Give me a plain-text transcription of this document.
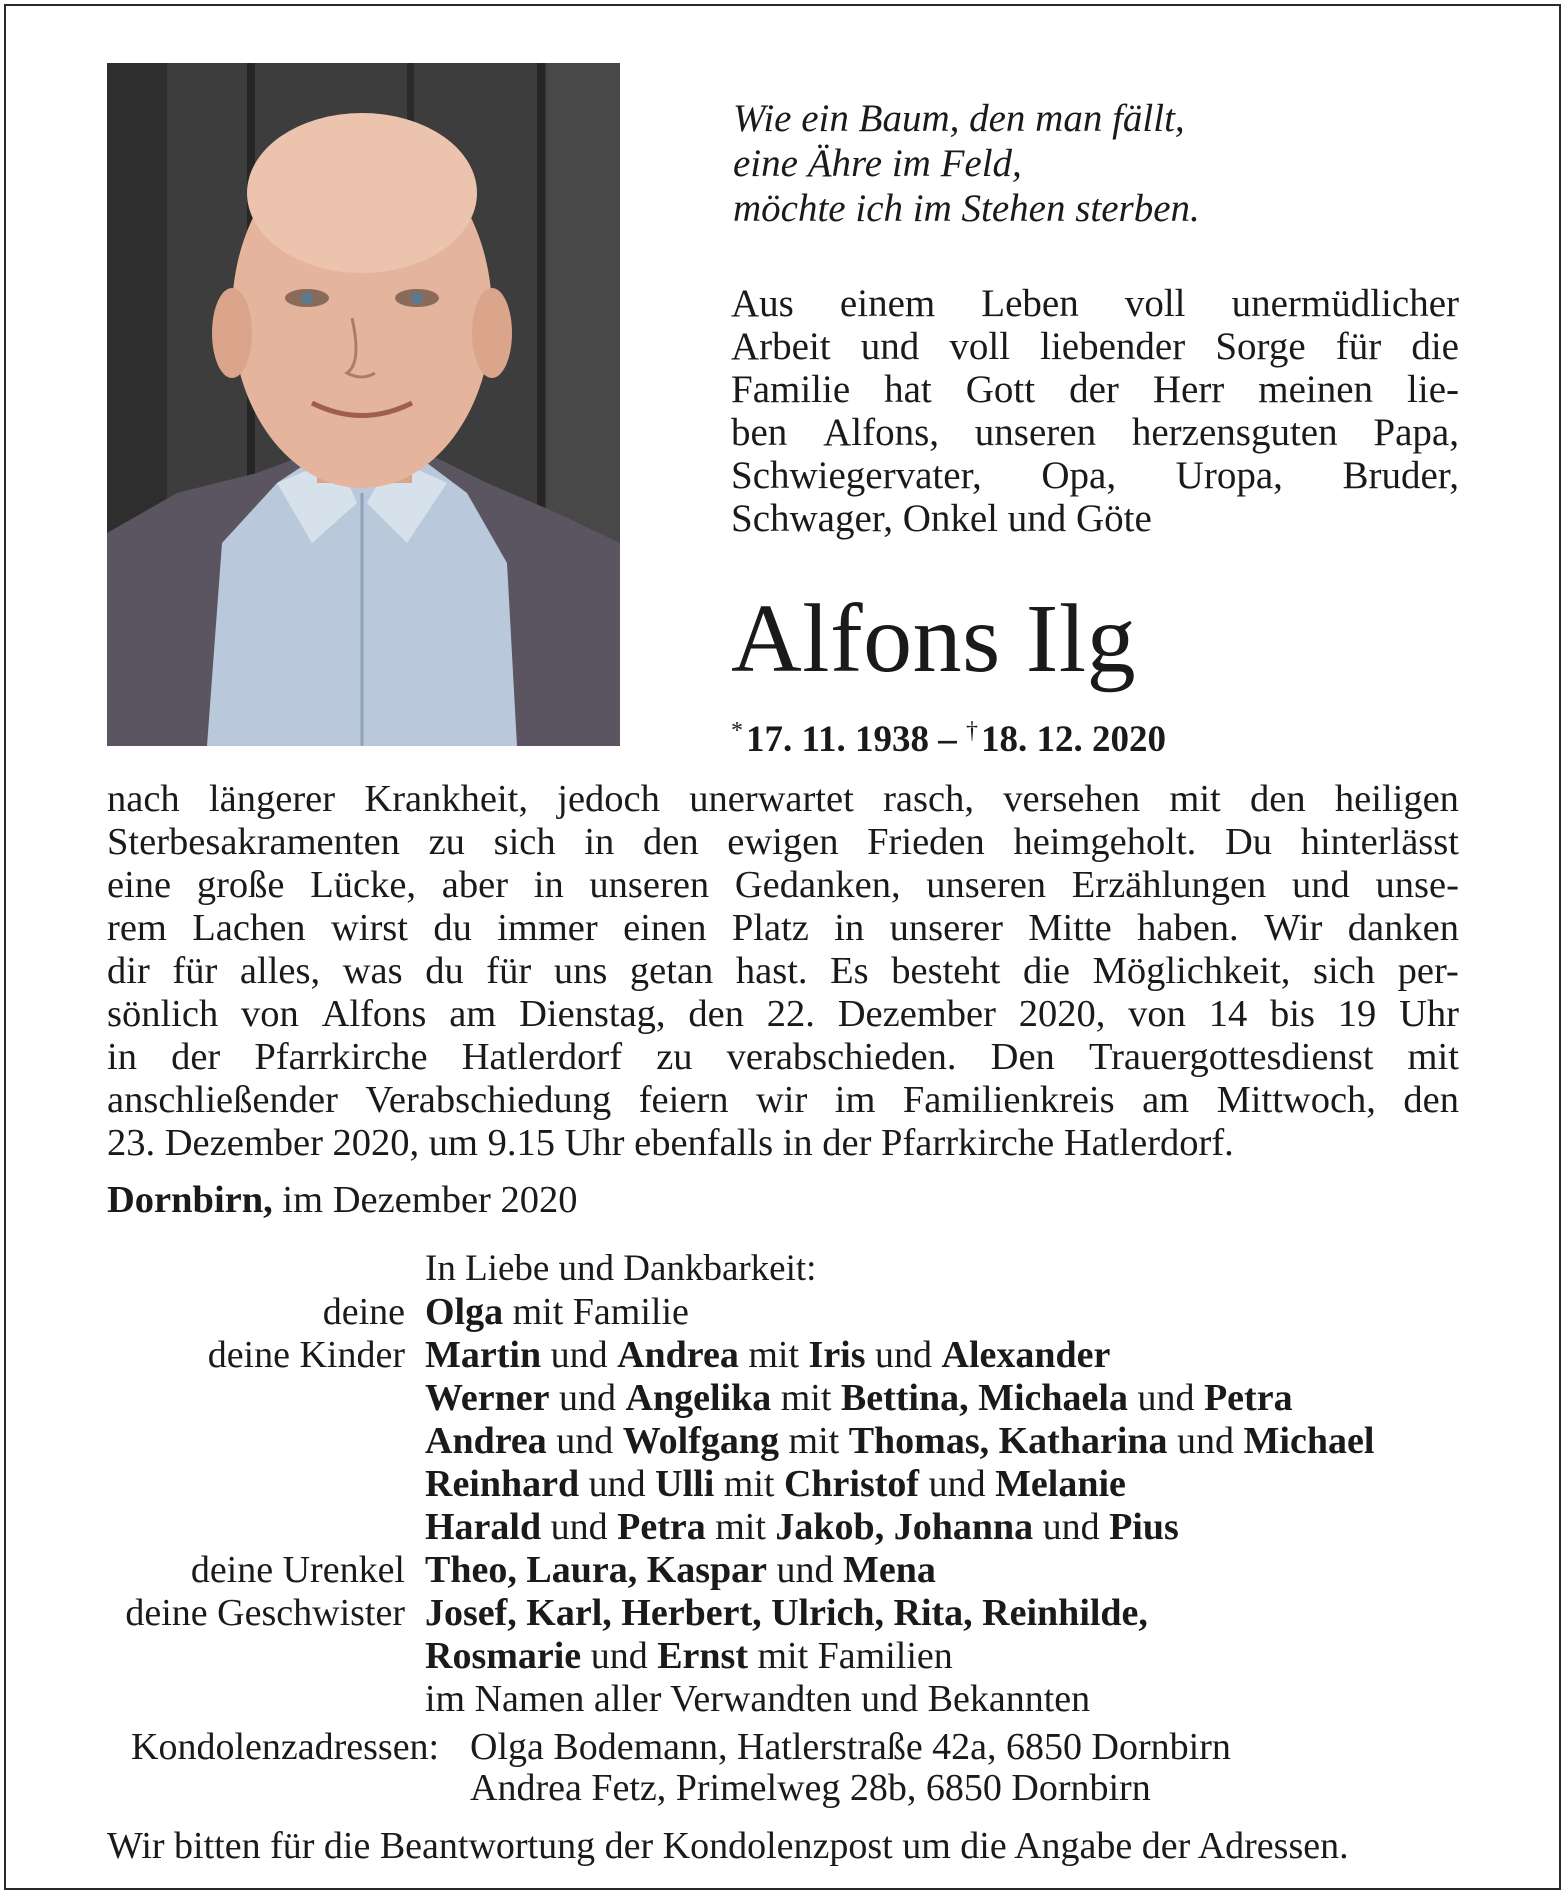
Wie ein Baum, den man fällt,
eine Ähre im Feld,
möchte ich im Stehen sterben.
Aus einem Leben voll unermüdlicher
Arbeit und voll liebender Sorge für die
Familie hat Gott der Herr meinen lie-
ben Alfons, unseren herzensguten Papa,
Schwiegervater, Opa, Uropa, Bruder,
Schwager, Onkel und Göte
Alfons Ilg
*17. 11. 1938 – †18. 12. 2020
nach längerer Krankheit, jedoch unerwartet rasch, versehen mit den heiligen
Sterbesakramenten zu sich in den ewigen Frieden heimgeholt. Du hinterlässt
eine große Lücke, aber in unseren Gedanken, unseren Erzählungen und unse-
rem Lachen wirst du immer einen Platz in unserer Mitte haben. Wir danken
dir für alles, was du für uns getan hast. Es besteht die Möglichkeit, sich per-
sönlich von Alfons am Dienstag, den 22. Dezember 2020, von 14 bis 19 Uhr
in der Pfarrkirche Hatlerdorf zu verabschieden. Den Trauergottesdienst mit
anschließender Verabschiedung feiern wir im Familienkreis am Mittwoch, den
23. Dezember 2020, um 9.15 Uhr ebenfalls in der Pfarrkirche Hatlerdorf.
Dornbirn, im Dezember 2020
In Liebe und Dankbarkeit:
deine Olga mit Familie
deine Kinder Martin und Andrea mit Iris und Alexander
Werner und Angelika mit Bettina, Michaela und Petra
Andrea und Wolfgang mit Thomas, Katharina und Michael
Reinhard und Ulli mit Christof und Melanie
Harald und Petra mit Jakob, Johanna und Pius
deine Urenkel Theo, Laura, Kaspar und Mena
deine Geschwister Josef, Karl, Herbert, Ulrich, Rita, Reinhilde,
Rosmarie und Ernst mit Familien
im Namen aller Verwandten und Bekannten
Kondolenzadressen: Olga Bodemann, Hatlerstraße 42a, 6850 Dornbirn
Andrea Fetz, Primelweg 28b, 6850 Dornbirn
Wir bitten für die Beantwortung der Kondolenzpost um die Angabe der Adressen.
